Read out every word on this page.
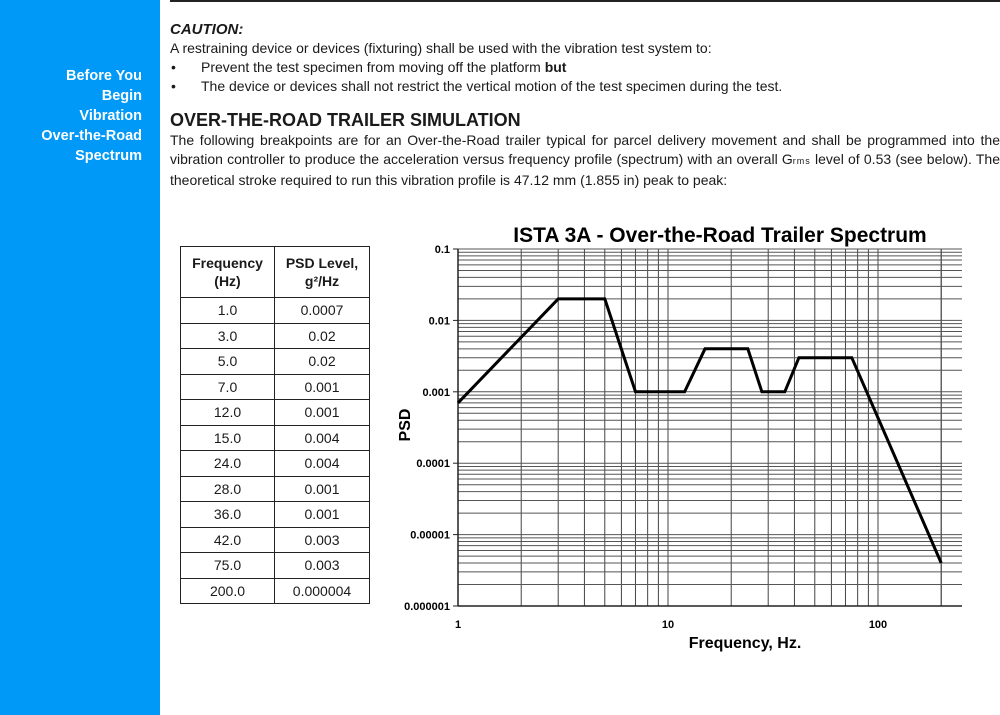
Before You
Begin
Vibration
Over-the-Road
Spectrum
CAUTION:
A restraining device or devices (fixturing) shall be used with the vibration test system to:
• Prevent the test specimen from moving off the platform but
• The device or devices shall not restrict the vertical motion of the test specimen during the test.
OVER-THE-ROAD TRAILER SIMULATION
The following breakpoints are for an Over-the-Road trailer typical for parcel delivery movement and shall be programmed into the vibration controller to produce the acceleration versus frequency profile (spectrum) with an overall Grms level of 0.53 (see below). The theoretical stroke required to run this vibration profile is 47.12 mm (1.855 in) peak to peak:
Frequency
(Hz)	PSD Level,
g²/Hz
1.0	0.0007
3.0	0.02
5.0	0.02
7.0	0.001
12.0	0.001
15.0	0.004
24.0	0.004
28.0	0.001
36.0	0.001
42.0	0.003
75.0	0.003
200.0	0.000004
0.1
0.01
0.001
0.0001
0.00001
0.000001
1	10	100
ISTA 3A - Over-the-Road Trailer Spectrum
Frequency, Hz.
PSD
